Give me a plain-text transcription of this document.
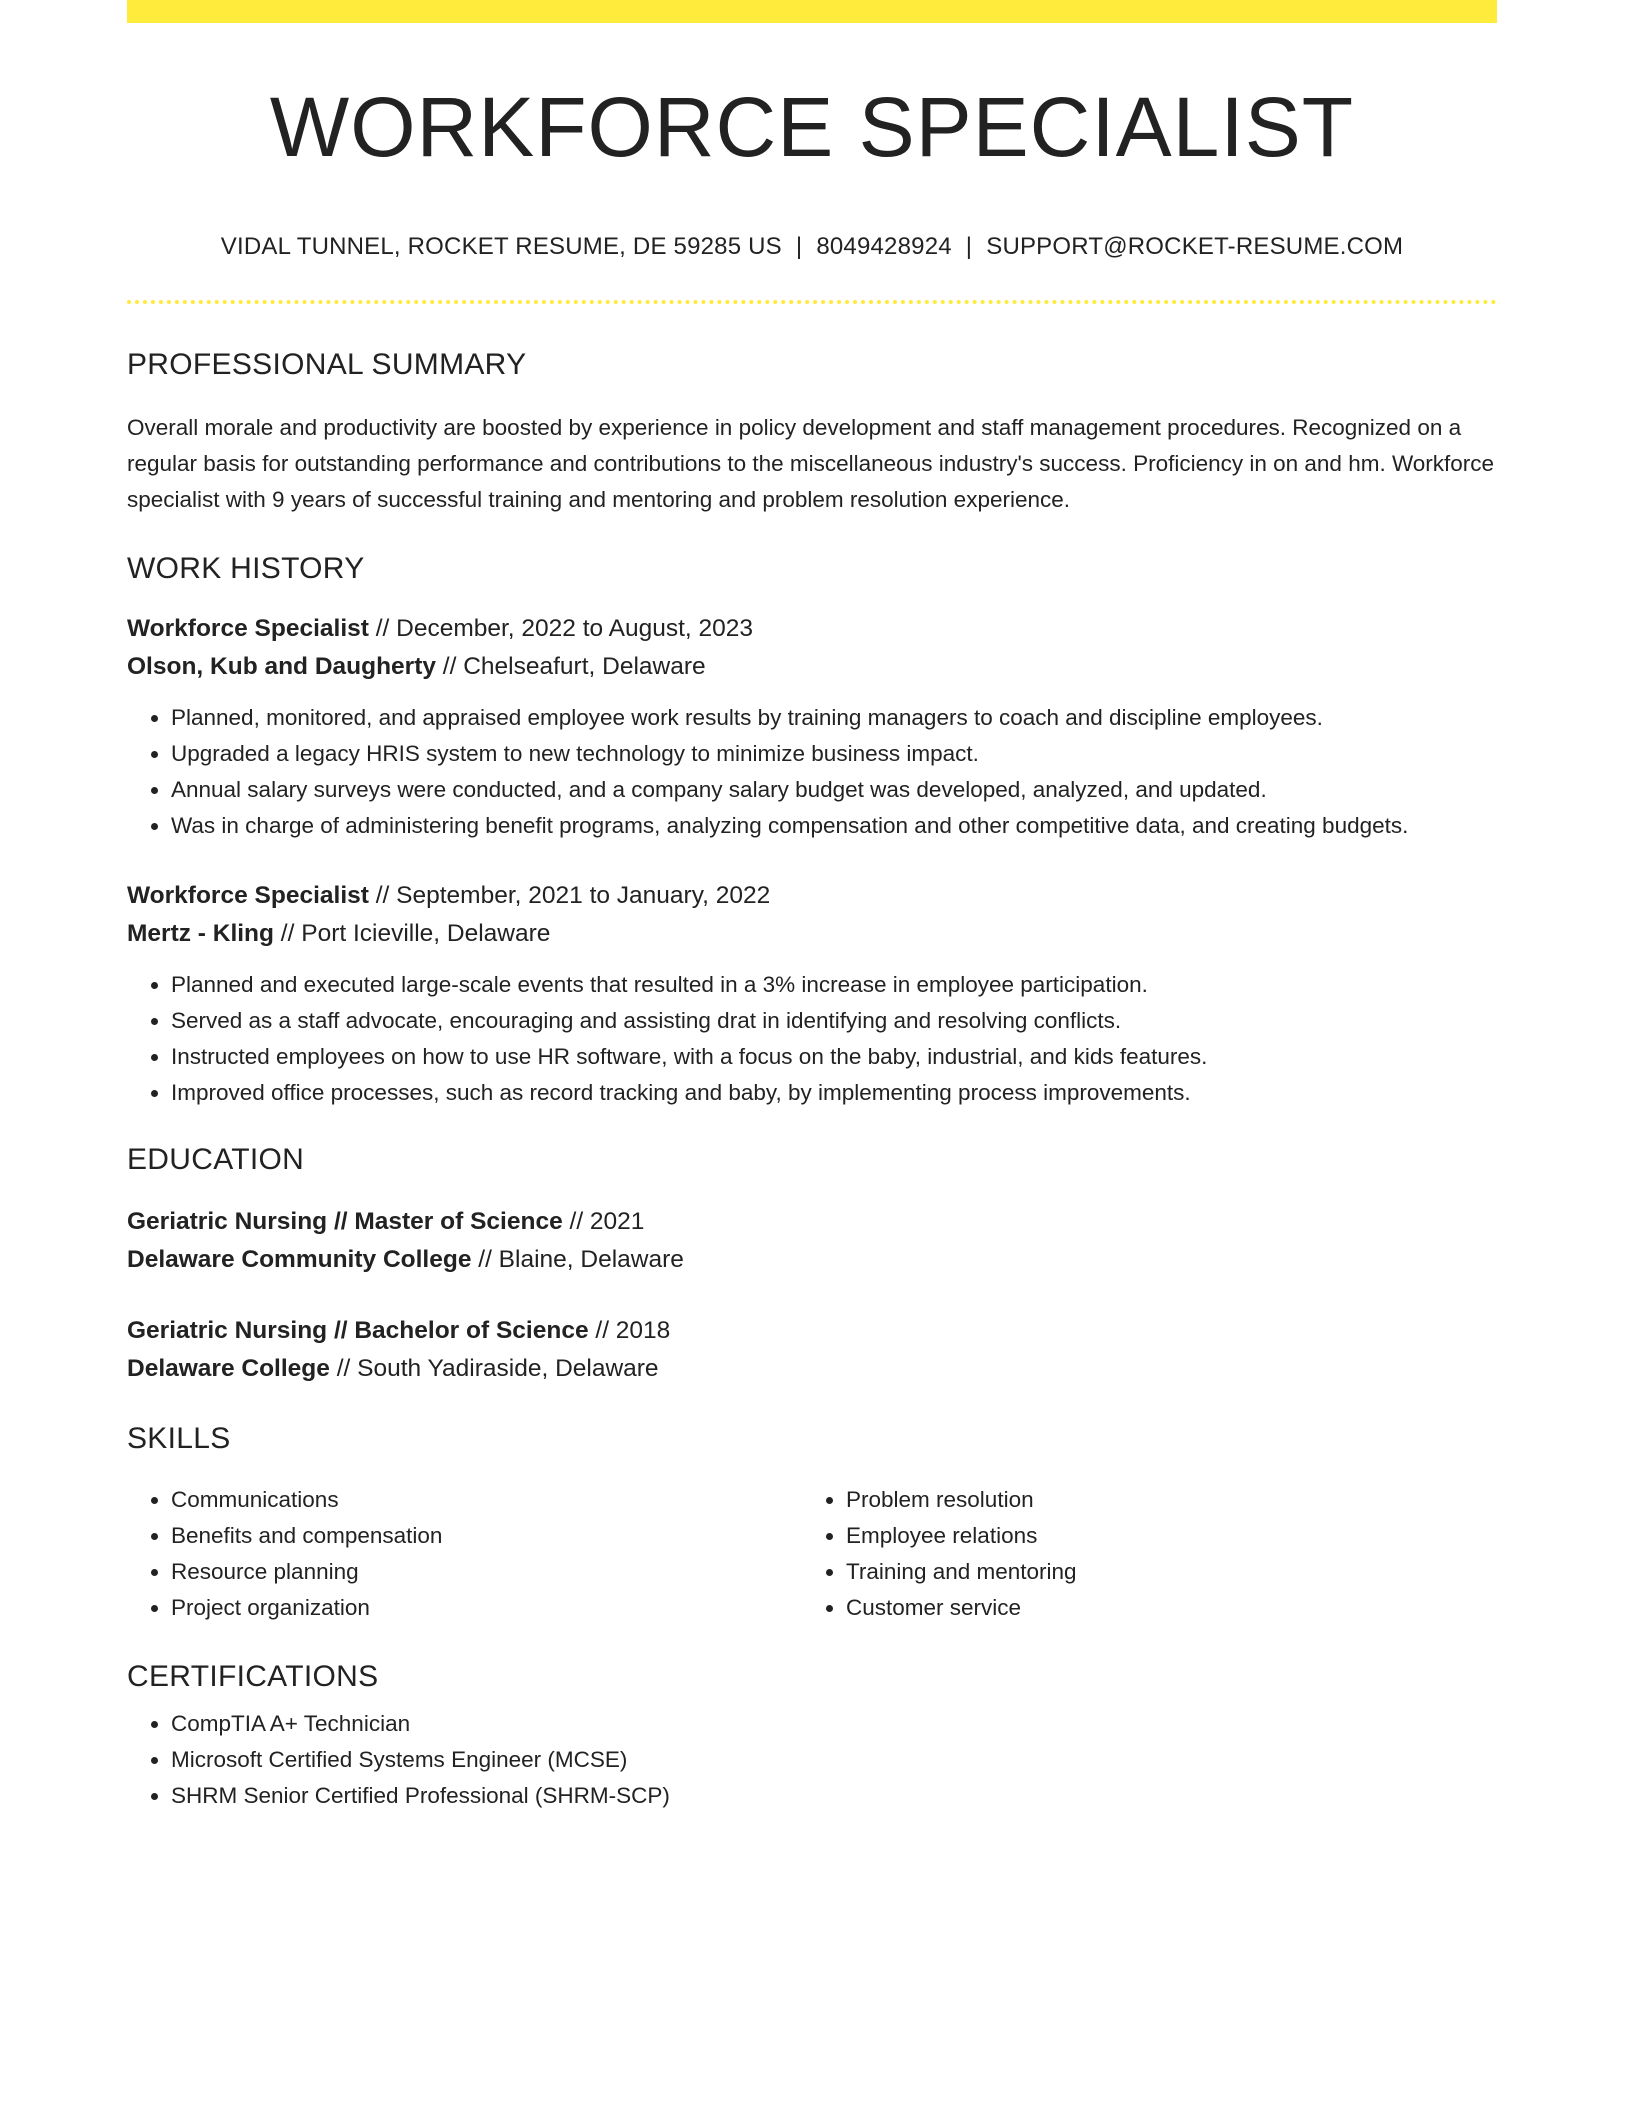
WORKFORCE SPECIALIST
VIDAL TUNNEL, ROCKET RESUME, DE 59285 US | 8049428924 | SUPPORT@ROCKET-RESUME.COM
PROFESSIONAL SUMMARY

Overall morale and productivity are boosted by experience in policy development and staff management procedures. Recognized on a regular basis for outstanding performance and contributions to the miscellaneous industry's success. Proficiency in on and hm. Workforce specialist with 9 years of successful training and mentoring and problem resolution experience.

WORK HISTORY
Workforce Specialist // December, 2022 to August, 2023
Olson, Kub and Daugherty // Chelseafurt, Delaware
• Planned, monitored, and appraised employee work results by training managers to coach and discipline employees.
• Upgraded a legacy HRIS system to new technology to minimize business impact.
• Annual salary surveys were conducted, and a company salary budget was developed, analyzed, and updated.
• Was in charge of administering benefit programs, analyzing compensation and other competitive data, and creating budgets.
Workforce Specialist // September, 2021 to January, 2022
Mertz - Kling // Port Icieville, Delaware
• Planned and executed large-scale events that resulted in a 3% increase in employee participation.
• Served as a staff advocate, encouraging and assisting drat in identifying and resolving conflicts.
• Instructed employees on how to use HR software, with a focus on the baby, industrial, and kids features.
• Improved office processes, such as record tracking and baby, by implementing process improvements.
EDUCATION
Geriatric Nursing // Master of Science // 2021
Delaware Community College // Blaine, Delaware
Geriatric Nursing // Bachelor of Science // 2018
Delaware College // South Yadiraside, Delaware
SKILLS
• Communications
• Benefits and compensation
• Resource planning
• Project organization
• Problem resolution
• Employee relations
• Training and mentoring
• Customer service
CERTIFICATIONS
• CompTIA A+ Technician
• Microsoft Certified Systems Engineer (MCSE)
• SHRM Senior Certified Professional (SHRM-SCP)
